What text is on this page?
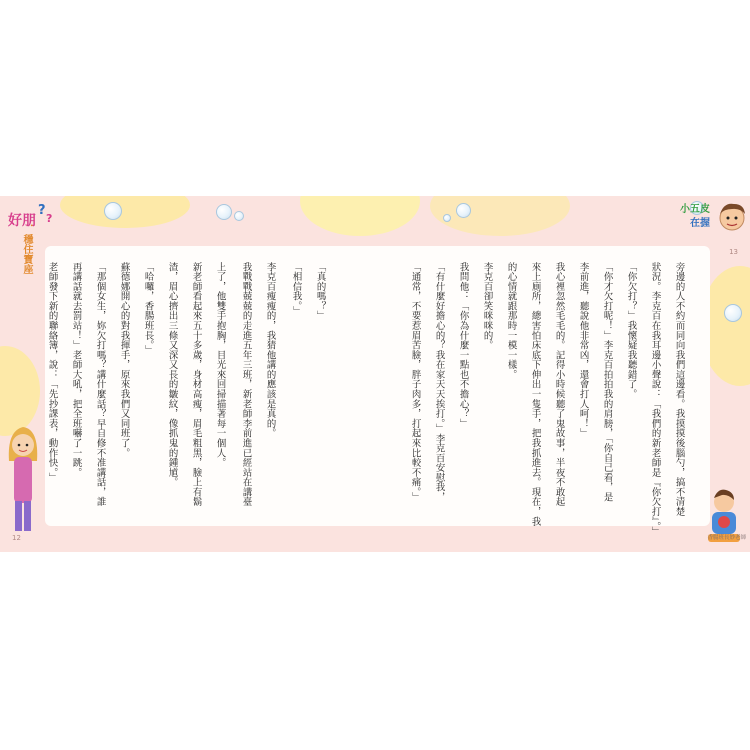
好朋
．穩住寶座
?
?
小五皮
在握
「真的嗎？」
「相信我。」
李克百瘦瘦的，我猜他講的應該是真的。
我戰戰兢兢的走進五年三班，新老師李前進已經站在講臺
上了，他雙手抱胸，目光來回掃描著每一個人。
新老師看起來五十多歲，身材高瘦，眉毛粗黑，臉上有鬍
渣，眉心擠出三條又深又長的皺紋，像抓鬼的鍾馗。
「哈囉，香腸班長。」
蘇德娜開心的對我揮手，原來我們又同班了。
「那個女生，妳欠打嗎？講什麼話？早自修不准講話，誰
再講話就去罰站！」老師大吼，把全班嚇了一跳。
老師發下新的聯絡簿，說：「先抄課表，動作快。」	旁邊的人不約而同向我們這邊看。我摸摸後腦勺，搞不清楚
狀況。李克百在我耳邊小聲說：「我們的新老師是『你欠打』。」
「你欠打？」我懷疑我聽錯了。
「你才欠打呢！」李克百拍拍我的肩膀，「你自己看，是
李前進，聽說他非常凶，還會打人呵！」
我心裡忽然毛毛的。記得小時候聽了鬼故事，半夜不敢起
來上廁所，總害怕床底下伸出一隻手，把我抓進去。現在，我
的心情就跟那時一模一樣。
李克百卻笑咪咪的。
我問他：「你為什麼一點也不擔心？」
「有什麼好擔心的？我在家天天挨打。」李克百安慰我，
「通常，不要惹眉苦臉，胖子肉多，打起來比較不痛。」
12
13
香腸班長妙老師
